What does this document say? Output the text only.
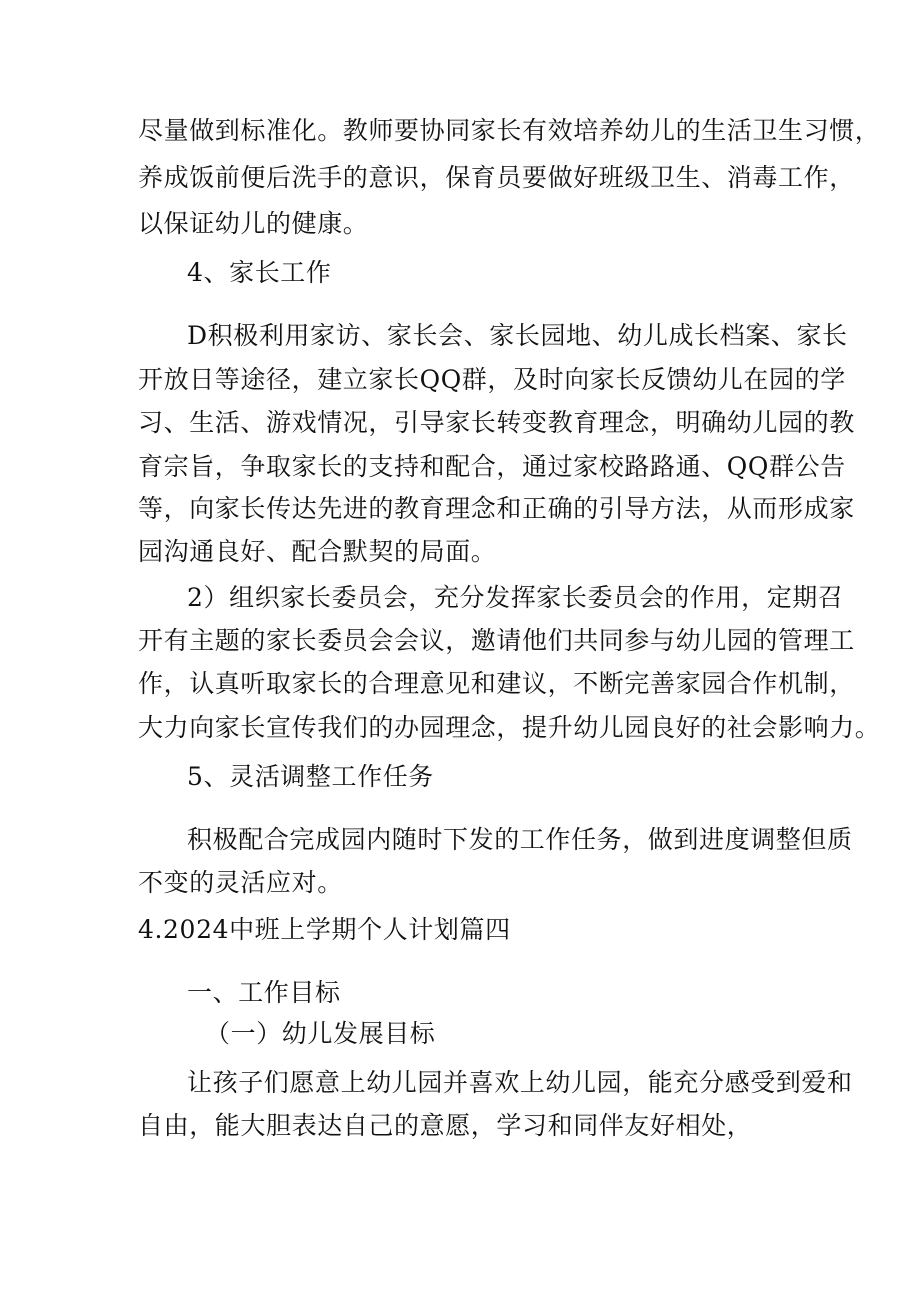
尽量做到标准化。教师要协同家长有效培养幼儿的生活卫生习惯，
养成饭前便后洗手的意识，保育员要做好班级卫生、消毒工作，
以保证幼儿的健康。
4、家长工作
D积极利用家访、家长会、家长园地、幼儿成长档案、家长
开放日等途径，建立家长QQ群，及时向家长反馈幼儿在园的学
习、生活、游戏情况，引导家长转变教育理念，明确幼儿园的教
育宗旨，争取家长的支持和配合，通过家校路路通、QQ群公告
等，向家长传达先进的教育理念和正确的引导方法，从而形成家
园沟通良好、配合默契的局面。
2）组织家长委员会，充分发挥家长委员会的作用，定期召
开有主题的家长委员会会议，邀请他们共同参与幼儿园的管理工
作，认真听取家长的合理意见和建议，不断完善家园合作机制，
大力向家长宣传我们的办园理念，提升幼儿园良好的社会影响力。
5、灵活调整工作任务
积极配合完成园内随时下发的工作任务，做到进度调整但质
不变的灵活应对。
4.2024中班上学期个人计划篇四
一、工作目标
（一）幼儿发展目标
让孩子们愿意上幼儿园并喜欢上幼儿园，能充分感受到爱和
自由，能大胆表达自己的意愿，学习和同伴友好相处，
